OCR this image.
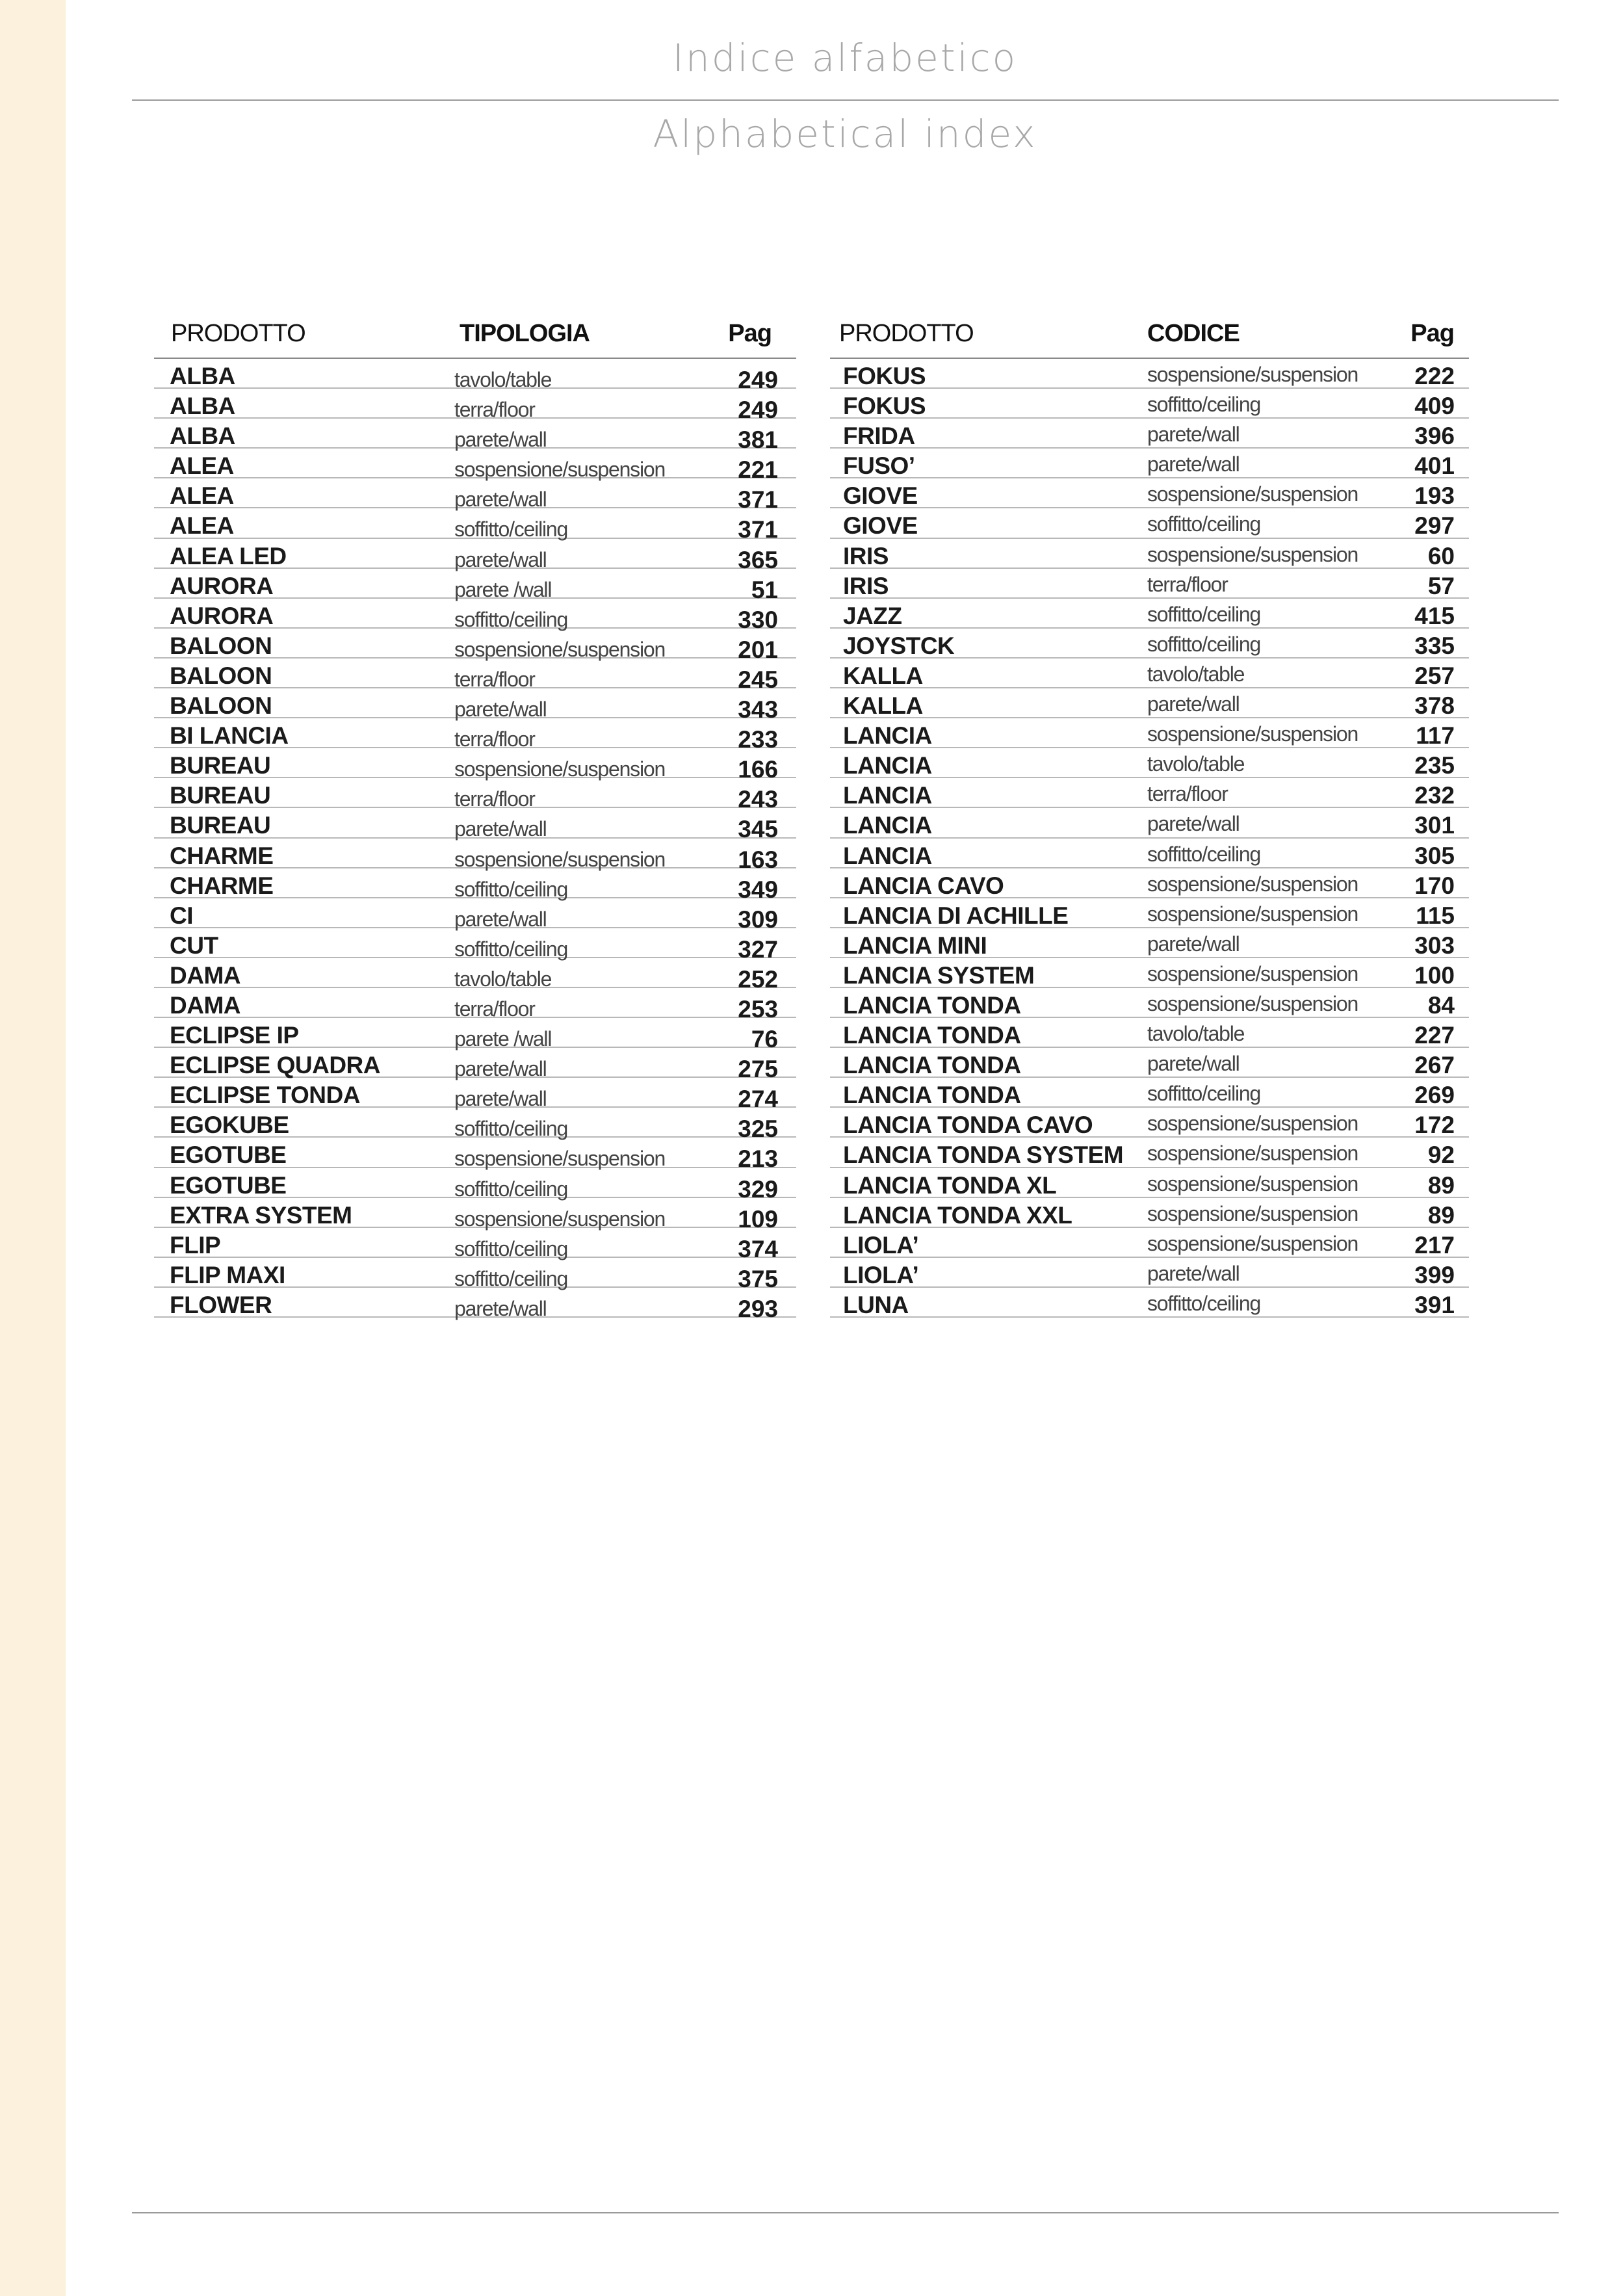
Indice alfabetico
Alphabetical index
PRODOTTO	TIPOLOGIA	Pag
ALBA	tavolo/table	249
ALBA	terra/floor	249
ALBA	parete/wall	381
ALEA	sospensione/suspension	221
ALEA	parete/wall	371
ALEA	soffitto/ceiling	371
ALEA LED	parete/wall	365
AURORA	parete /wall	51
AURORA	soffitto/ceiling	330
BALOON	sospensione/suspension	201
BALOON	terra/floor	245
BALOON	parete/wall	343
BI LANCIA	terra/floor	233
BUREAU	sospensione/suspension	166
BUREAU	terra/floor	243
BUREAU	parete/wall	345
CHARME	sospensione/suspension	163
CHARME	soffitto/ceiling	349
CI	parete/wall	309
CUT	soffitto/ceiling	327
DAMA	tavolo/table	252
DAMA	terra/floor	253
ECLIPSE IP	parete /wall	76
ECLIPSE QUADRA	parete/wall	275
ECLIPSE TONDA	parete/wall	274
EGOKUBE	soffitto/ceiling	325
EGOTUBE	sospensione/suspension	213
EGOTUBE	soffitto/ceiling	329
EXTRA SYSTEM	sospensione/suspension	109
FLIP	soffitto/ceiling	374
FLIP MAXI	soffitto/ceiling	375
FLOWER	parete/wall	293
PRODOTTO	CODICE	Pag
FOKUS	sospensione/suspension 222
FOKUS	soffitto/ceiling	409
FRIDA	parete/wall	396
FUSO’	parete/wall	401
GIOVE	sospensione/suspension 193
GIOVE	soffitto/ceiling	297
IRIS	sospensione/suspension	60
IRIS	terra/floor	57
JAZZ	soffitto/ceiling	415
JOYSTCK	soffitto/ceiling	335
KALLA	tavolo/table	257
KALLA	parete/wall	378
LANCIA	sospensione/suspension 117
LANCIA	tavolo/table	235
LANCIA	terra/floor	232
LANCIA	parete/wall	301
LANCIA	soffitto/ceiling	305
LANCIA CAVO	sospensione/suspension 170
LANCIA DI ACHILLE	sospensione/suspension 115
LANCIA MINI	parete/wall	303
LANCIA SYSTEM	sospensione/suspension 100
LANCIA TONDA	sospensione/suspension	84
LANCIA TONDA	tavolo/table	227
LANCIA TONDA	parete/wall	267
LANCIA TONDA	soffitto/ceiling	269
LANCIA TONDA CAVO	sospensione/suspension 172
LANCIA TONDA SYSTEM sospensione/suspension	92
LANCIA TONDA XL	sospensione/suspension	89
LANCIA TONDA XXL	sospensione/suspension	89
LIOLA’	sospensione/suspension 217
LIOLA’	parete/wall	399
LUNA	soffitto/ceiling	391
